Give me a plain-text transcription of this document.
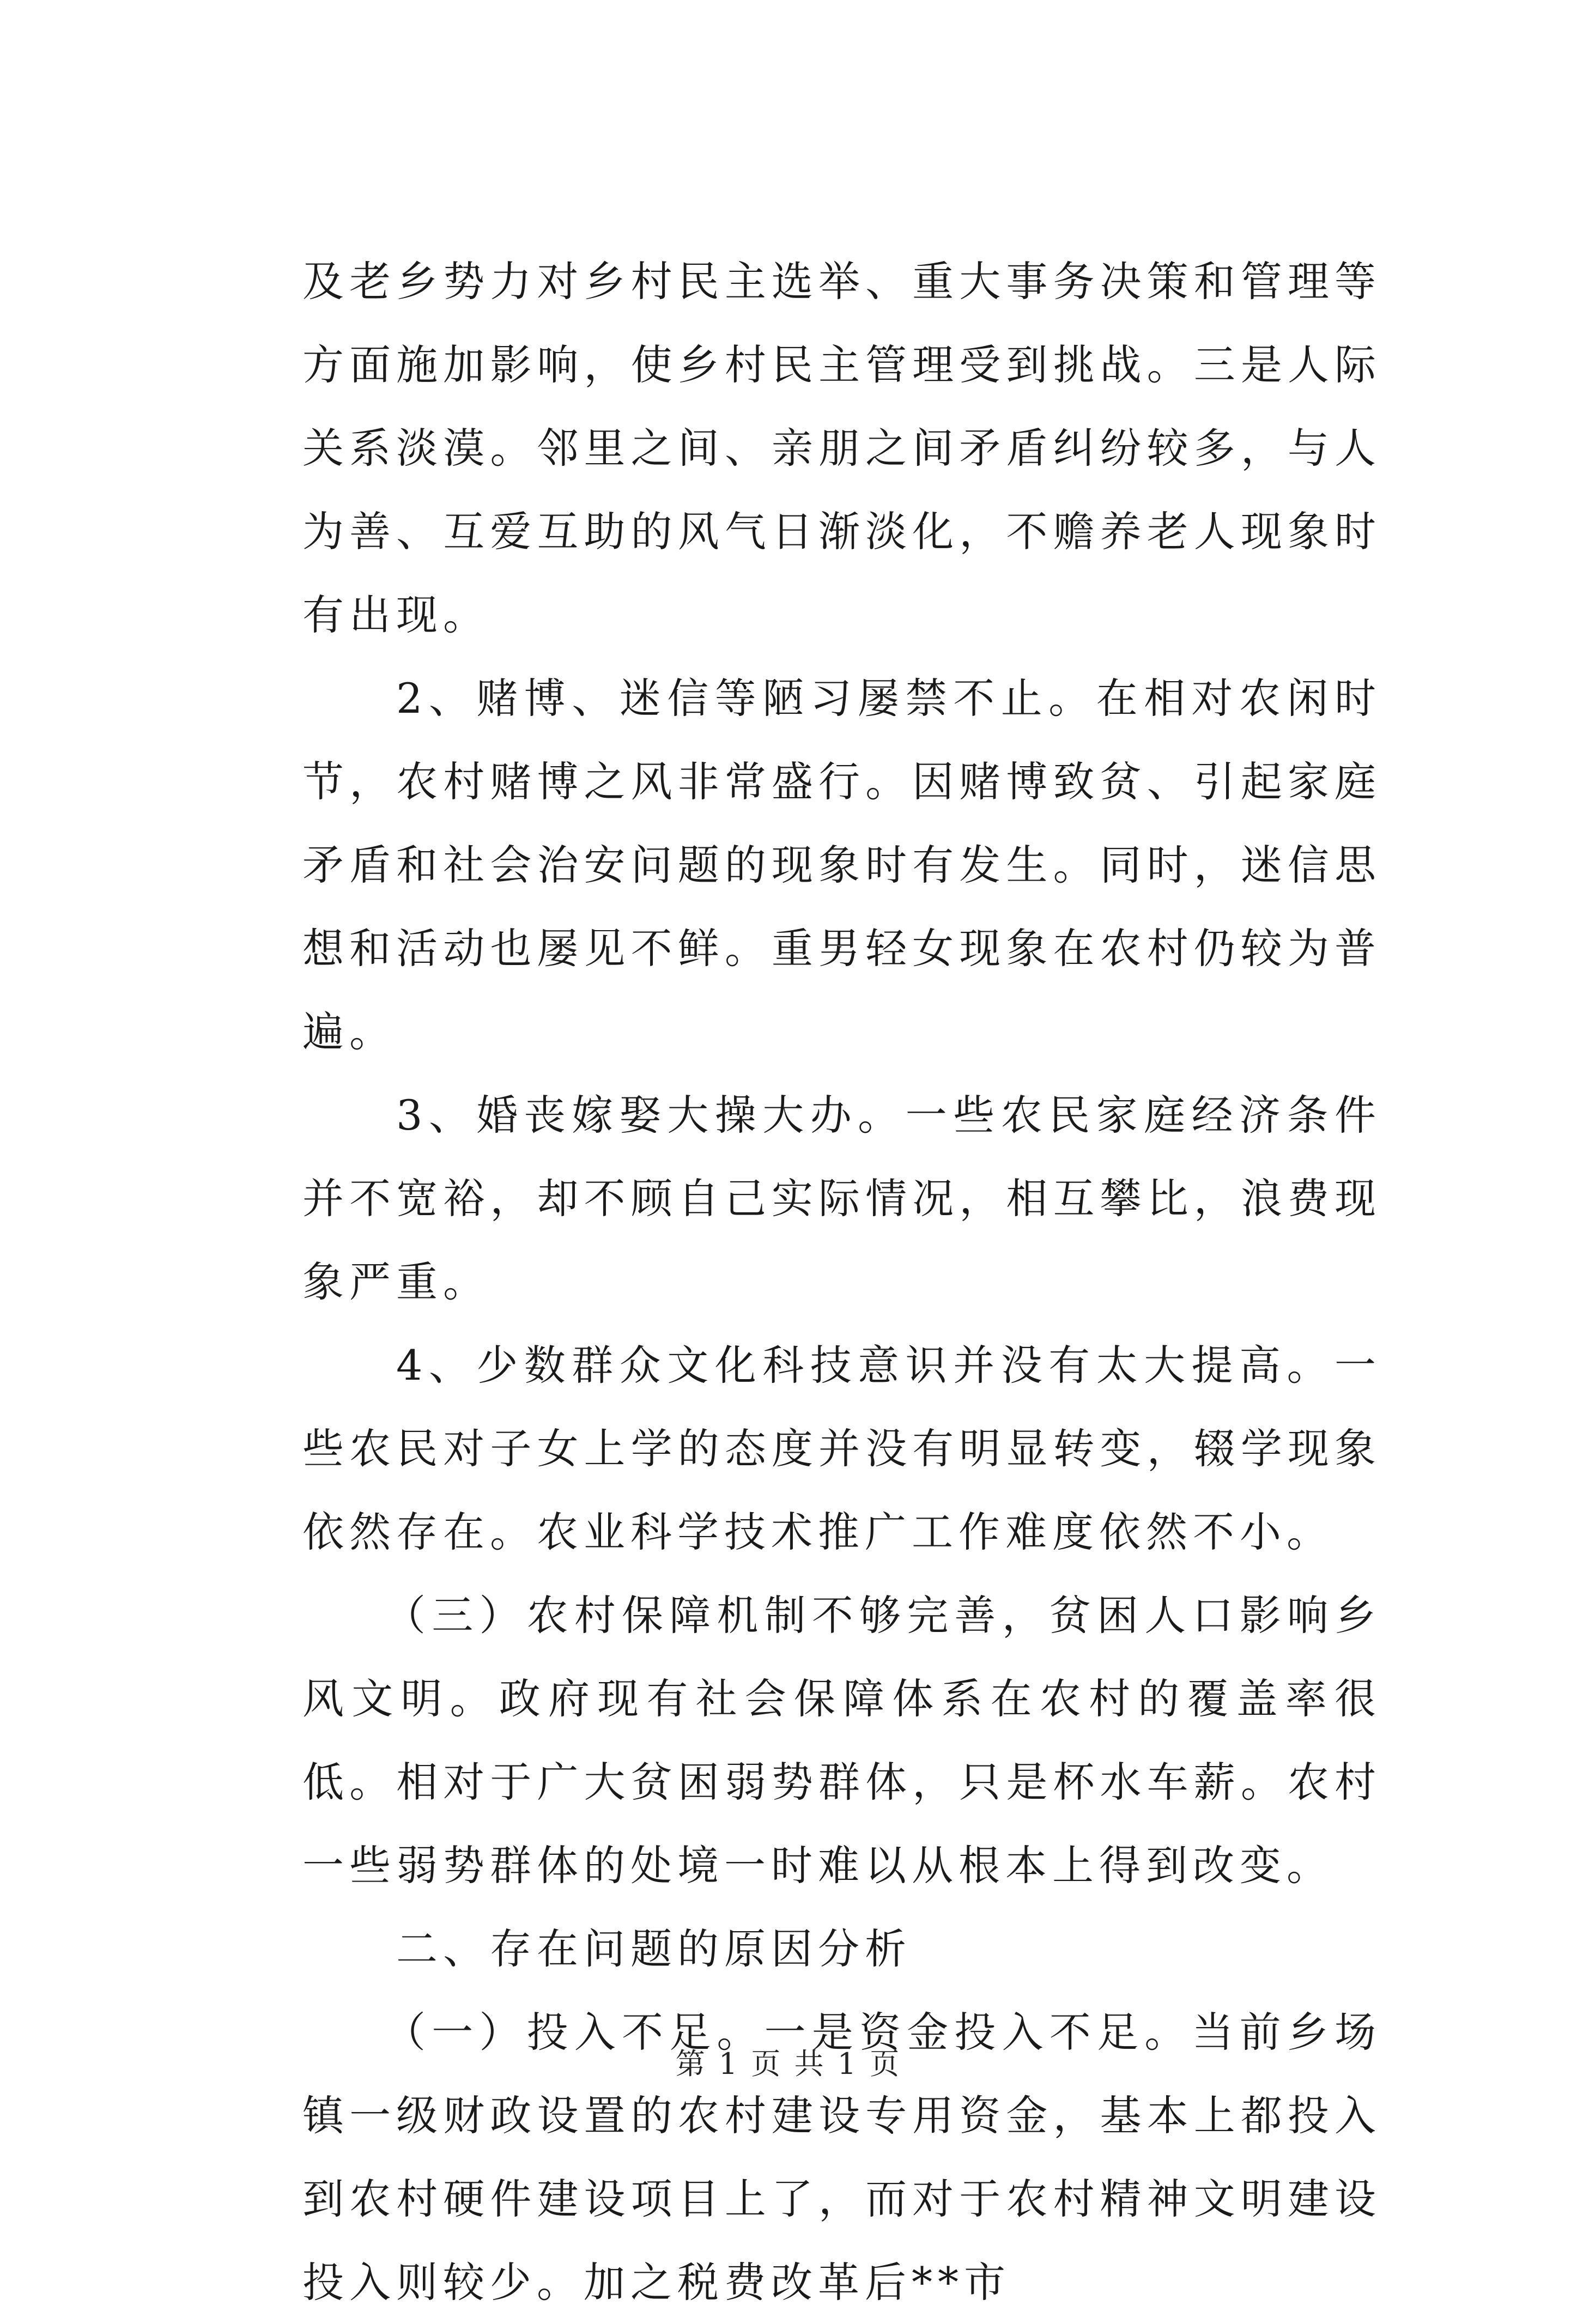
及老乡势力对乡村民主选举、重大事务决策和管理等方面施加影响，使乡村民主管理受到挑战。三是人际关系淡漠。邻里之间、亲朋之间矛盾纠纷较多，与人为善、互爱互助的风气日渐淡化，不赡养老人现象时有出现。

2、赌博、迷信等陋习屡禁不止。在相对农闲时节，农村赌博之风非常盛行。因赌博致贫、引起家庭矛盾和社会治安问题的现象时有发生。同时，迷信思想和活动也屡见不鲜。重男轻女现象在农村仍较为普遍。

3、婚丧嫁娶大操大办。一些农民家庭经济条件并不宽裕，却不顾自己实际情况，相互攀比，浪费现象严重。

4、少数群众文化科技意识并没有太大提高。一些农民对子女上学的态度并没有明显转变，辍学现象依然存在。农业科学技术推广工作难度依然不小。

（三）农村保障机制不够完善，贫困人口影响乡风文明。政府现有社会保障体系在农村的覆盖率很低。相对于广大贫困弱势群体，只是杯水车薪。农村一些弱势群体的处境一时难以从根本上得到改变。

二、存在问题的原因分析

（一）投入不足。一是资金投入不足。当前乡场镇一级财政设置的农村建设专用资金，基本上都投入到农村硬件建设项目上了，而对于农村精神文明建设投入则较少。加之税费改革后**市

第 1 页 共 1 页
